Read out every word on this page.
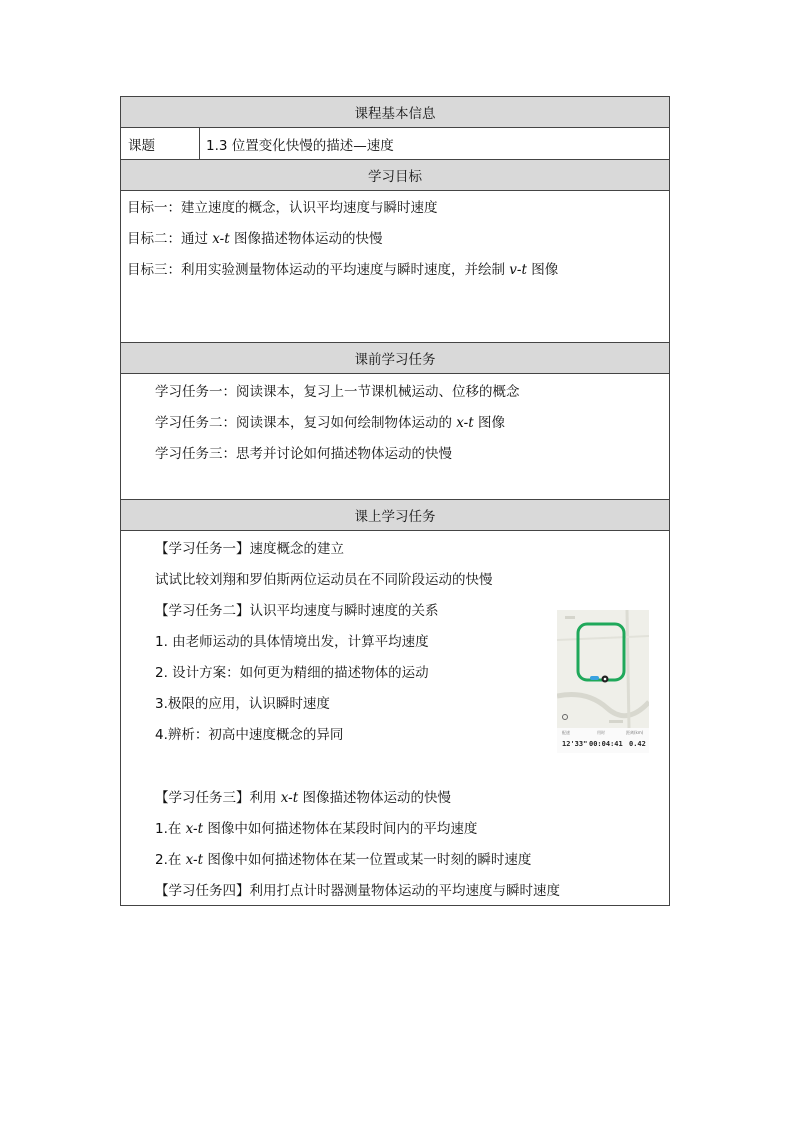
课程基本信息
课题	1.3 位置变化快慢的描述—速度
学习目标
目标一：建立速度的概念，认识平均速度与瞬时速度
目标二：通过 x-t 图像描述物体运动的快慢
目标三：利用实验测量物体运动的平均速度与瞬时速度，并绘制 v-t 图像
课前学习任务
学习任务一：阅读课本，复习上一节课机械运动、位移的概念
学习任务二：阅读课本，复习如何绘制物体运动的 x-t 图像
学习任务三：思考并讨论如何描述物体运动的快慢
课上学习任务
【学习任务一】速度概念的建立
试试比较刘翔和罗伯斯两位运动员在不同阶段运动的快慢
【学习任务二】认识平均速度与瞬时速度的关系
1. 由老师运动的具体情境出发，计算平均速度
2. 设计方案：如何更为精细的描述物体的运动
3.极限的应用，认识瞬时速度
4.辨析：初高中速度概念的异同
【学习任务三】利用 x-t 图像描述物体运动的快慢
1.在 x-t 图像中如何描述物体在某段时间内的平均速度
2.在 x-t 图像中如何描述物体在某一位置或某一时刻的瞬时速度
【学习任务四】利用打点计时器测量物体运动的平均速度与瞬时速度
配速	用时	距离(km)
12'33" 00:04:41 0.42
